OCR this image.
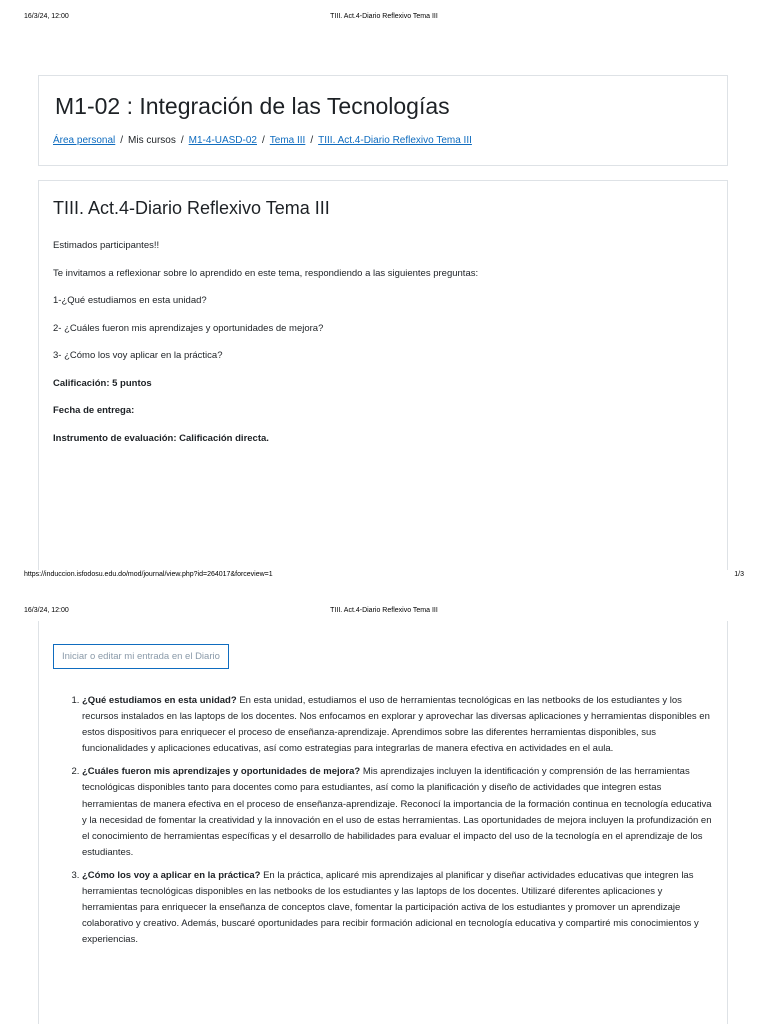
16/3/24, 12:00	TIII. Act.4-Diario Reflexivo Tema III
M1-02 : Integración de las Tecnologías
Área personal / Mis cursos / M1-4-UASD-02 / Tema III / TIII. Act.4-Diario Reflexivo Tema III
TIII. Act.4-Diario Reflexivo Tema III

Estimados participantes!!

Te invitamos a reflexionar sobre lo aprendido en este tema, respondiendo a las siguientes preguntas:

1-¿Qué estudiamos en esta unidad?

2- ¿Cuáles fueron mis aprendizajes y oportunidades de mejora?

3- ¿Cómo los voy aplicar en la práctica?

Calificación: 5 puntos

Fecha de entrega:

Instrumento de evaluación: Calificación directa.

https://induccion.isfodosu.edu.do/mod/journal/view.php?id=264017&forceview=1	1/3
16/3/24, 12:00	TIII. Act.4-Diario Reflexivo Tema III
Iniciar o editar mi entrada en el Diario
1. ¿Qué estudiamos en esta unidad? En esta unidad, estudiamos el uso de herramientas tecnológicas en las netbooks de los estudiantes y los recursos instalados en las laptops de los docentes. Nos enfocamos en explorar y aprovechar las diversas aplicaciones y herramientas disponibles en estos dispositivos para enriquecer el proceso de enseñanza-aprendizaje. Aprendimos sobre las diferentes herramientas disponibles, sus funcionalidades y aplicaciones educativas, así como estrategias para integrarlas de manera efectiva en actividades en el aula.
2. ¿Cuáles fueron mis aprendizajes y oportunidades de mejora? Mis aprendizajes incluyen la identificación y comprensión de las herramientas tecnológicas disponibles tanto para docentes como para estudiantes, así como la planificación y diseño de actividades que integren estas herramientas de manera efectiva en el proceso de enseñanza-aprendizaje. Reconocí la importancia de la formación continua en tecnología educativa y la necesidad de fomentar la creatividad y la innovación en el uso de estas herramientas. Las oportunidades de mejora incluyen la profundización en el conocimiento de herramientas específicas y el desarrollo de habilidades para evaluar el impacto del uso de la tecnología en el aprendizaje de los estudiantes.
3. ¿Cómo los voy a aplicar en la práctica? En la práctica, aplicaré mis aprendizajes al planificar y diseñar actividades educativas que integren las herramientas tecnológicas disponibles en las netbooks de los estudiantes y las laptops de los docentes. Utilizaré diferentes aplicaciones y herramientas para enriquecer la enseñanza de conceptos clave, fomentar la participación activa de los estudiantes y promover un aprendizaje colaborativo y creativo. Además, buscaré oportunidades para recibir formación adicional en tecnología educativa y compartiré mis conocimientos y experiencias.
